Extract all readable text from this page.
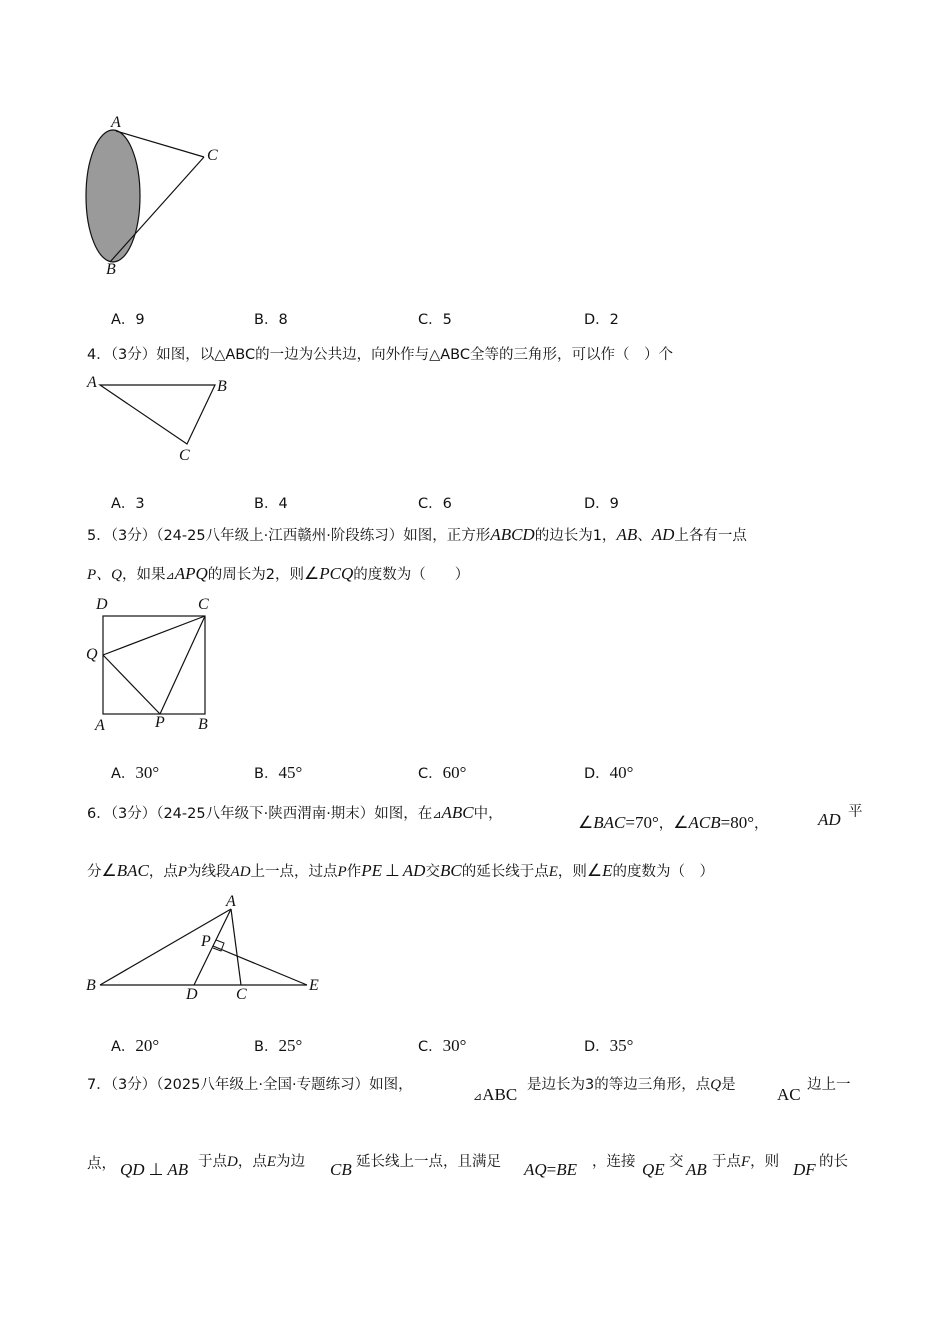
A
C
B
A．9	B．8	C．5	D．2
4．（3分）如图，以△ABC的一边为公共边，向外作与△ABC全等的三角形，可以作（　）个
A	B
C
A．3	B．4	C．6	D．9
5．（3分）（24-25八年级上·江西赣州·阶段练习）如图，正方形ABCD的边长为1，AB、AD上各有一点
P、Q，如果⊿APQ的周长为2，则∠PCQ的度数为（　　）
D	C
Q
A	P B
A．30°	B．45°	C．60°	D．40°
6．（3分）（24-25八年级下·陕西渭南·期末）如图，在⊿ABC中，	∠BAC=70°，∠ACB=80°，	AD 平
分∠BAC，点P为线段AD上一点，过点P作PE ⊥ AD交BC的延长线于点E，则∠E的度数为（　）
A
P
B
D C
E
A．20°	B．25°	C．30°	D．35°
7．（3分）（2025八年级上·全国·专题练习）如图，
⊿ABC 是边长为3的等边三角形，点Q是 AC 边上一
点， QD ⊥ AB 于点D，点E为边 CB 延长线上一点，且满足 AQ=BE ，连接 QE 交 AB 于点F，则 DF 的长
